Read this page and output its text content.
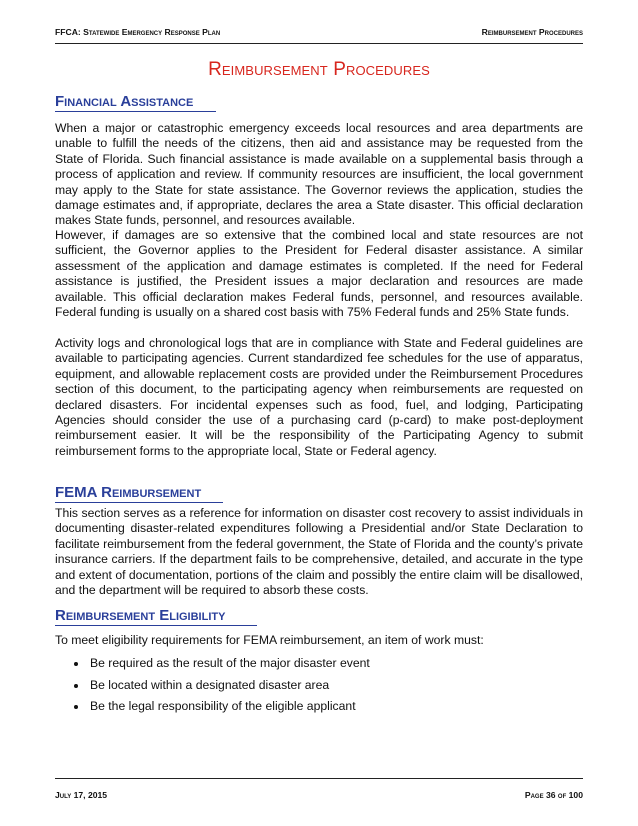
FFCA: Statewide Emergency Response Plan	Reimbursement Procedures
Reimbursement Procedures
Financial Assistance
When a major or catastrophic emergency exceeds local resources and area departments are unable to fulfill the needs of the citizens, then aid and assistance may be requested from the State of Florida. Such financial assistance is made available on a supplemental basis through a process of application and review. If community resources are insufficient, the local government may apply to the State for state assistance. The Governor reviews the application, studies the damage estimates and, if appropriate, declares the area a State disaster. This official declaration makes State funds, personnel, and resources available.
However, if damages are so extensive that the combined local and state resources are not sufficient, the Governor applies to the President for Federal disaster assistance. A similar assessment of the application and damage estimates is completed. If the need for Federal assistance is justified, the President issues a major declaration and resources are made available. This official declaration makes Federal funds, personnel, and resources available. Federal funding is usually on a shared cost basis with 75% Federal funds and 25% State funds.
Activity logs and chronological logs that are in compliance with State and Federal guidelines are available to participating agencies. Current standardized fee schedules for the use of apparatus, equipment, and allowable replacement costs are provided under the Reimbursement Procedures section of this document, to the participating agency when reimbursements are requested on declared disasters. For incidental expenses such as food, fuel, and lodging, Participating Agencies should consider the use of a purchasing card (p-card) to make post-deployment reimbursement easier. It will be the responsibility of the Participating Agency to submit reimbursement forms to the appropriate local, State or Federal agency.
FEMA Reimbursement
This section serves as a reference for information on disaster cost recovery to assist individuals in documenting disaster-related expenditures following a Presidential and/or State Declaration to facilitate reimbursement from the federal government, the State of Florida and the county’s private insurance carriers. If the department fails to be comprehensive, detailed, and accurate in the type and extent of documentation, portions of the claim and possibly the entire claim will be disallowed, and the department will be required to absorb these costs.
Reimbursement Eligibility
To meet eligibility requirements for FEMA reimbursement, an item of work must:
Be required as the result of the major disaster event
Be located within a designated disaster area
Be the legal responsibility of the eligible applicant
July 17, 2015	Page 36 of 100
